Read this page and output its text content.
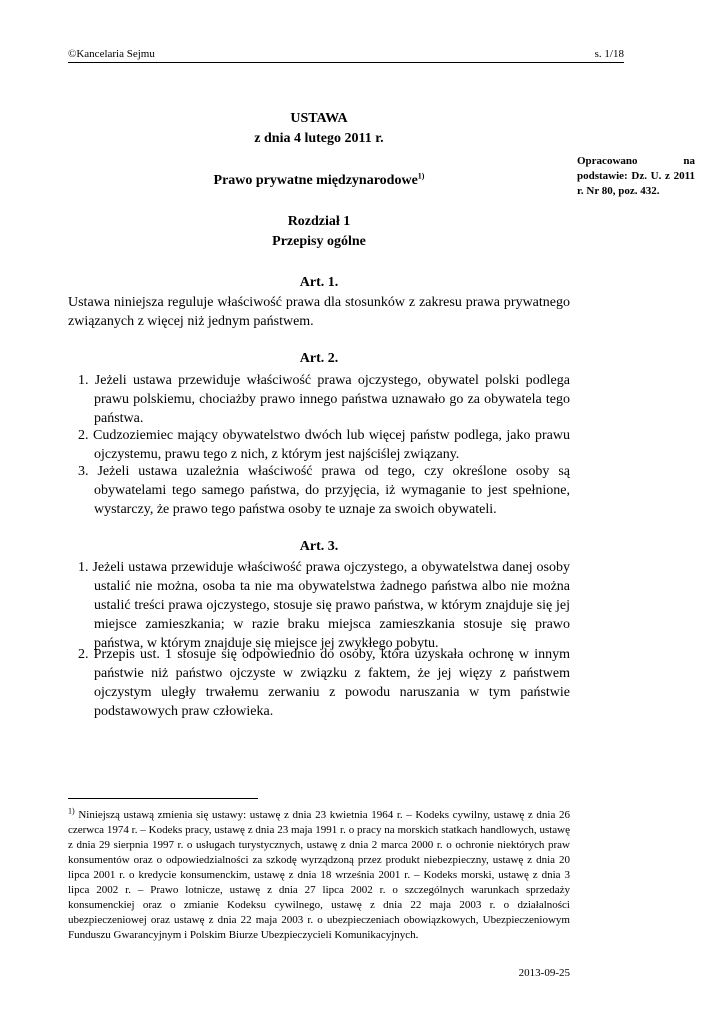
©Kancelaria Sejmu	s. 1/18
USTAWA
z dnia 4 lutego 2011 r.
Prawo prywatne międzynarodowe$^{1)}$
Opracowano na podstawie: Dz. U. z 2011 r. Nr 80, poz. 432.
Rozdział 1
Przepisy ogólne
Art. 1.
Ustawa niniejsza reguluje właściwość prawa dla stosunków z zakresu prawa prywatnego związanych z więcej niż jednym państwem.
Art. 2.
1. Jeżeli ustawa przewiduje właściwość prawa ojczystego, obywatel polski podlega prawu polskiemu, chociażby prawo innego państwa uznawało go za obywatela tego państwa.
2. Cudzoziemiec mający obywatelstwo dwóch lub więcej państw podlega, jako prawu ojczystemu, prawu tego z nich, z którym jest najściślej związany.
3. Jeżeli ustawa uzależnia właściwość prawa od tego, czy określone osoby są obywatelami tego samego państwa, do przyjęcia, iż wymaganie to jest spełnione, wystarczy, że prawo tego państwa osoby te uznaje za swoich obywateli.
Art. 3.
1. Jeżeli ustawa przewiduje właściwość prawa ojczystego, a obywatelstwa danej osoby ustalić nie można, osoba ta nie ma obywatelstwa żadnego państwa albo nie można ustalić treści prawa ojczystego, stosuje się prawo państwa, w którym znajduje się jej miejsce zamieszkania; w razie braku miejsca zamieszkania stosuje się prawo państwa, w którym znajduje się miejsce jej zwykłego pobytu.
2. Przepis ust. 1 stosuje się odpowiednio do osoby, która uzyskała ochronę w innym państwie niż państwo ojczyste w związku z faktem, że jej więzy z państwem ojczystym uległy trwałemu zerwaniu z powodu naruszania w tym państwie podstawowych praw człowieka.
$^{1)}$ Niniejszą ustawą zmienia się ustawy: ustawę z dnia 23 kwietnia 1964 r. – Kodeks cywilny, ustawę z dnia 26 czerwca 1974 r. – Kodeks pracy, ustawę z dnia 23 maja 1991 r. o pracy na morskich statkach handlowych, ustawę z dnia 29 sierpnia 1997 r. o usługach turystycznych, ustawę z dnia 2 marca 2000 r. o ochronie niektórych praw konsumentów oraz o odpowiedzialności za szkodę wyrządzoną przez produkt niebezpieczny, ustawę z dnia 20 lipca 2001 r. o kredycie konsumenckim, ustawę z dnia 18 września 2001 r. – Kodeks morski, ustawę z dnia 3 lipca 2002 r. – Prawo lotnicze, ustawę z dnia 27 lipca 2002 r. o szczególnych warunkach sprzedaży konsumenckiej oraz o zmianie Kodeksu cywilnego, ustawę z dnia 22 maja 2003 r. o działalności ubezpieczeniowej oraz ustawę z dnia 22 maja 2003 r. o ubezpieczeniach obowiązkowych, Ubezpieczeniowym Funduszu Gwarancyjnym i Polskim Biurze Ubezpieczycieli Komunikacyjnych.
2013-09-25
